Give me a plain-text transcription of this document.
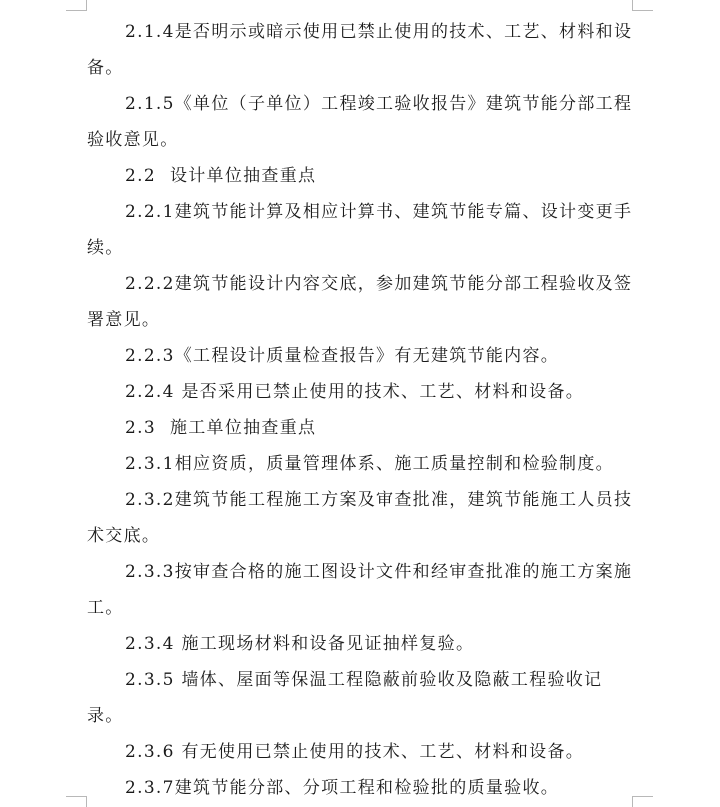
2.1.4是否明示或暗示使用已禁止使用的技术、工艺、材料和设备。

2.1.5《单位（子单位）工程竣工验收报告》建筑节能分部工程验收意见。

2.2 设计单位抽查重点

2.2.1建筑节能计算及相应计算书、建筑节能专篇、设计变更手续。

2.2.2建筑节能设计内容交底，参加建筑节能分部工程验收及签署意见。

2.2.3《工程设计质量检查报告》有无建筑节能内容。

2.2.4 是否采用已禁止使用的技术、工艺、材料和设备。

2.3 施工单位抽查重点

2.3.1相应资质，质量管理体系、施工质量控制和检验制度。

2.3.2建筑节能工程施工方案及审查批准，建筑节能施工人员技术交底。

2.3.3按审查合格的施工图设计文件和经审查批准的施工方案施工。

2.3.4 施工现场材料和设备见证抽样复验。

2.3.5 墙体、屋面等保温工程隐蔽前验收及隐蔽工程验收记录。

2.3.6 有无使用已禁止使用的技术、工艺、材料和设备。

2.3.7建筑节能分部、分项工程和检验批的质量验收。
